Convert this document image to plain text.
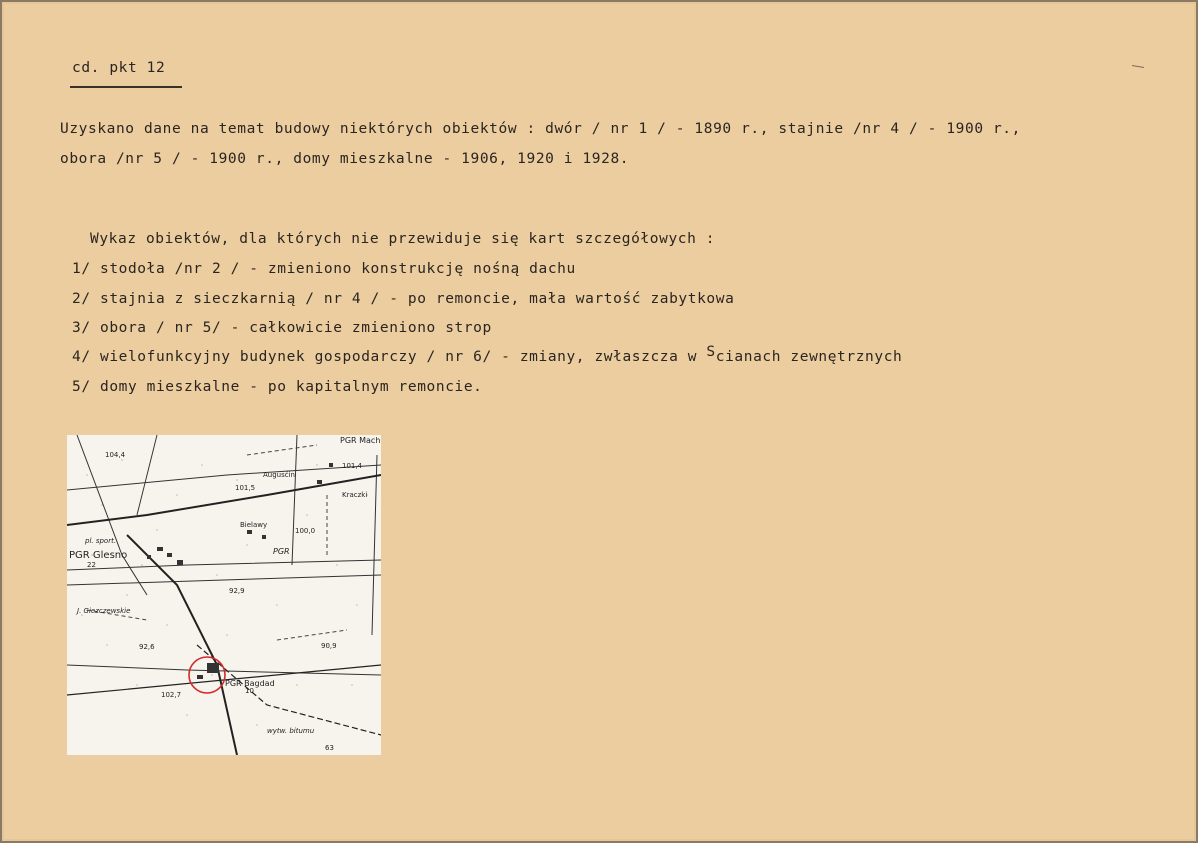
cd. pkt 12
Uzyskano dane na temat budowy niektórych obiektów : dwór / nr 1 / - 1890 r., stajnie /nr 4 / - 1900 r.,
obora /nr 5 / - 1900 r., domy mieszkalne - 1906, 1920 i 1928.
Wykaz obiektów, dla których nie przewiduje się kart szczegółowych :
1/ stodoła /nr 2 / - zmieniono konstrukcję nośną dachu
2/ stajnia z sieczkarnią / nr 4 / - po remoncie, mała wartość zabytkowa
3/ obora / nr 5/ - całkowicie zmieniono strop
4/ wielofunkcyjny budynek gospodarczy / nr 6/ - zmiany, zwłaszcza w Scianach zewnętrznych
5/ domy mieszkalne - po kapitalnym remoncie.
PGR Mach
104,4
101,4
Augusćin
Kraczki
101,5
Bielawy
100,0
PGR
pl. sport.
PGR Glesno
22
92,9
J. Giezczewskie
92,6	90,9
PGR Bagdad
102,7	10
wytw. bitumu
63
